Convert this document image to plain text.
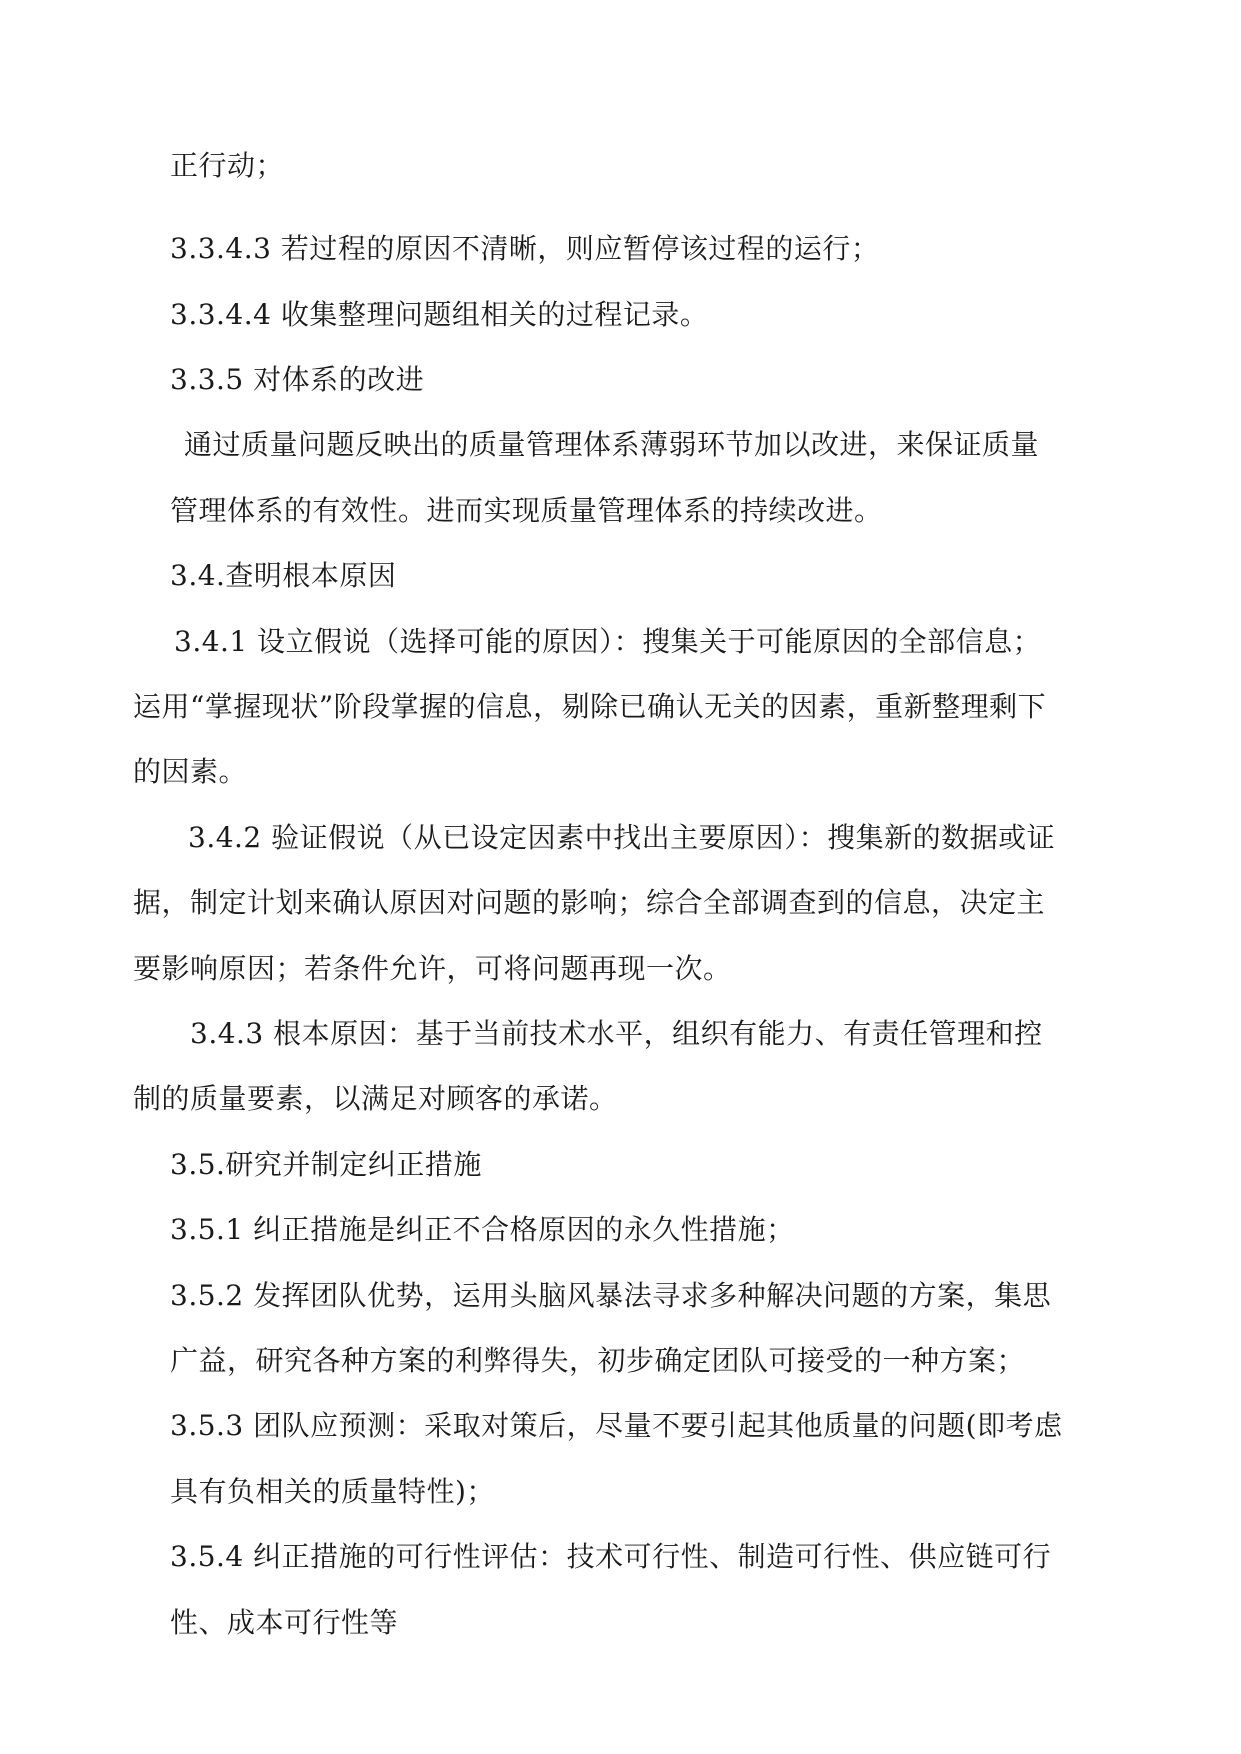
正行动；
3.3.4.3 若过程的原因不清晰，则应暂停该过程的运行；
3.3.4.4 收集整理问题组相关的过程记录。
3.3.5 对体系的改进
通过质量问题反映出的质量管理体系薄弱环节加以改进，来保证质量
管理体系的有效性。进而实现质量管理体系的持续改进。
3.4.查明根本原因
3.4.1 设立假说（选择可能的原因）：搜集关于可能原因的全部信息；
运用“掌握现状”阶段掌握的信息，剔除已确认无关的因素，重新整理剩下
的因素。
3.4.2 验证假说（从已设定因素中找出主要原因）：搜集新的数据或证
据，制定计划来确认原因对问题的影响；综合全部调查到的信息，决定主
要影响原因；若条件允许，可将问题再现一次。
3.4.3 根本原因：基于当前技术水平，组织有能力、有责任管理和控
制的质量要素，以满足对顾客的承诺。
3.5.研究并制定纠正措施
3.5.1 纠正措施是纠正不合格原因的永久性措施；
3.5.2 发挥团队优势，运用头脑风暴法寻求多种解决问题的方案，集思
广益，研究各种方案的利弊得失，初步确定团队可接受的一种方案；
3.5.3 团队应预测：采取对策后，尽量不要引起其他质量的问题(即考虑
具有负相关的质量特性)；
3.5.4 纠正措施的可行性评估：技术可行性、制造可行性、供应链可行
性、成本可行性等
